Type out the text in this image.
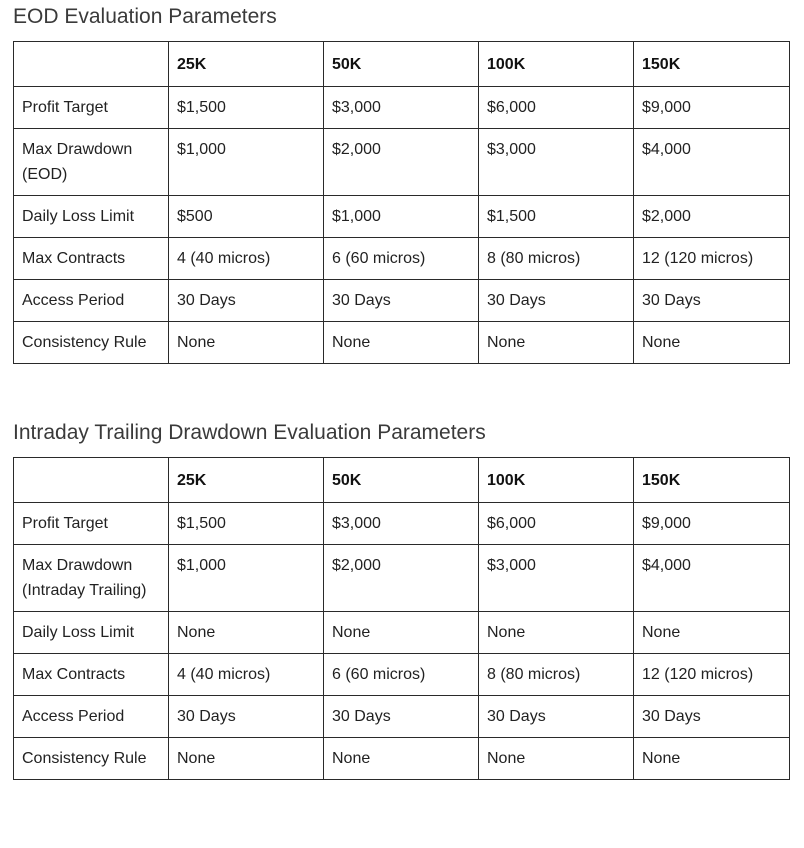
EOD Evaluation Parameters
	25K	50K	100K	150K
Profit Target	$1,500	$3,000	$6,000	$9,000
Max Drawdown (EOD)	$1,000	$2,000	$3,000	$4,000
Daily Loss Limit	$500	$1,000	$1,500	$2,000
Max Contracts	4 (40 micros)	6 (60 micros)	8 (80 micros)	12 (120 micros)
Access Period	30 Days	30 Days	30 Days	30 Days
Consistency Rule	None	None	None	None
Intraday Trailing Drawdown Evaluation Parameters
	25K	50K	100K	150K
Profit Target	$1,500	$3,000	$6,000	$9,000
Max Drawdown (Intraday Trailing)	$1,000	$2,000	$3,000	$4,000
Daily Loss Limit	None	None	None	None
Max Contracts	4 (40 micros)	6 (60 micros)	8 (80 micros)	12 (120 micros)
Access Period	30 Days	30 Days	30 Days	30 Days
Consistency Rule	None	None	None	None
